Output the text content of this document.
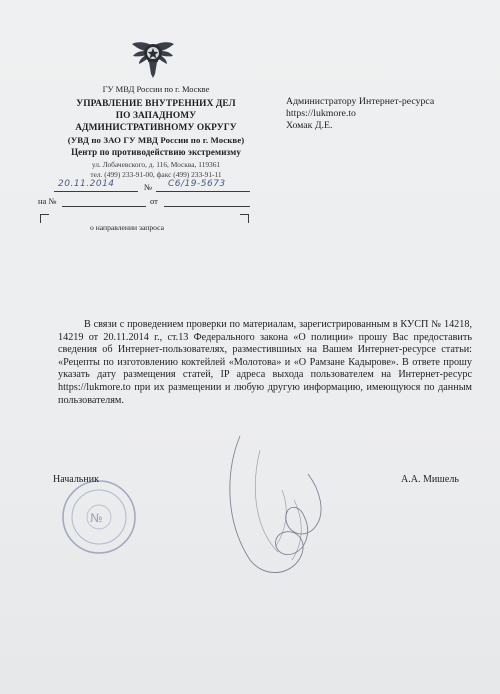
ГУ МВД России по г. Москве
УПРАВЛЕНИЕ ВНУТРЕННИХ ДЕЛ
ПО ЗАПАДНОМУ
АДМИНИСТРАТИВНОМУ ОКРУГУ
(УВД по ЗАО ГУ МВД России по г. Москве)
Центр по противодействию экстремизму
ул. Лобачевского, д. 116, Москва, 119361
тел. (499) 233-91-00, факс (499) 233-91-11
20.11.2014	№ С6/19-5673
на №	от
о направлении запроса
Администратору Интернет-ресурса
https://lukmore.to
Хомак Д.Е.

В связи с проведением проверки по материалам, зарегистрированным в КУСП № 14218, 14219 от 20.11.2014 г., ст.13 Федерального закона «О полиции» прошу Вас предоставить сведения об Интернет-пользователях, разместившиых на Вашем Интернет-ресурсе статьи: «Рецепты по изготовлению коктейлей «Молотова» и «О Рамзане Кадырове». В ответе прошу указать дату размещения статей, IP адреса выхода пользователем на Интернет-ресурс https://lukmore.to при их размещении и любую другую информацию, имеющуюся по данным пользователям.

№
Начальник	А.А. Мишель
